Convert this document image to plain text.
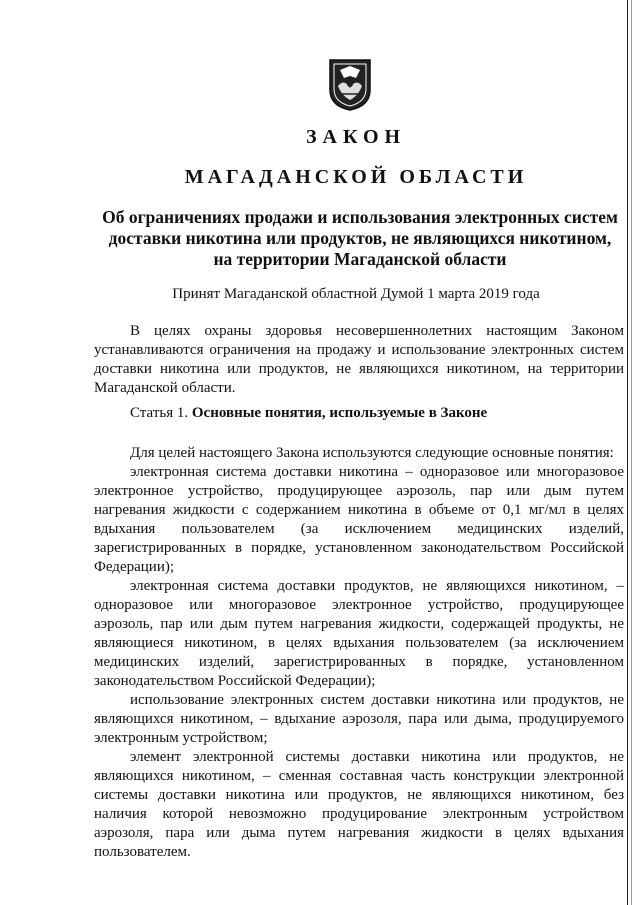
ЗАКОН
МАГАДАНСКОЙ ОБЛАСТИ
Об ограничениях продажи и использования электронных систем
доставки никотина или продуктов, не являющихся никотином,
на территории Магаданской области
Принят Магаданской областной Думой 1 марта 2019 года

В целях охраны здоровья несовершеннолетних настоящим Законом устанавливаются ограничения на продажу и использование электронных систем доставки никотина или продуктов, не являющихся никотином, на территории Магаданской области.

Статья 1. Основные понятия, используемые в Законе

Для целей настоящего Закона используются следующие основные понятия:

электронная система доставки никотина – одноразовое или многоразовое электронное устройство, продуцирующее аэрозоль, пар или дым путем нагревания жидкости с содержанием никотина в объеме от 0,1 мг/мл в целях вдыхания пользователем (за исключением медицинских изделий, зарегистрированных в порядке, установленном законодательством Российской Федерации);

электронная система доставки продуктов, не являющихся никотином, – одноразовое или многоразовое электронное устройство, продуцирующее аэрозоль, пар или дым путем нагревания жидкости, содержащей продукты, не являющиеся никотином, в целях вдыхания пользователем (за исключением медицинских изделий, зарегистрированных в порядке, установленном законодательством Российской Федерации);

использование электронных систем доставки никотина или продуктов, не являющихся никотином, – вдыхание аэрозоля, пара или дыма, продуцируемого электронным устройством;

элемент электронной системы доставки никотина или продуктов, не являющихся никотином, – сменная составная часть конструкции электронной системы доставки никотина или продуктов, не являющихся никотином, без наличия которой невозможно продуцирование электронным устройством аэрозоля, пара или дыма путем нагревания жидкости в целях вдыхания пользователем.
